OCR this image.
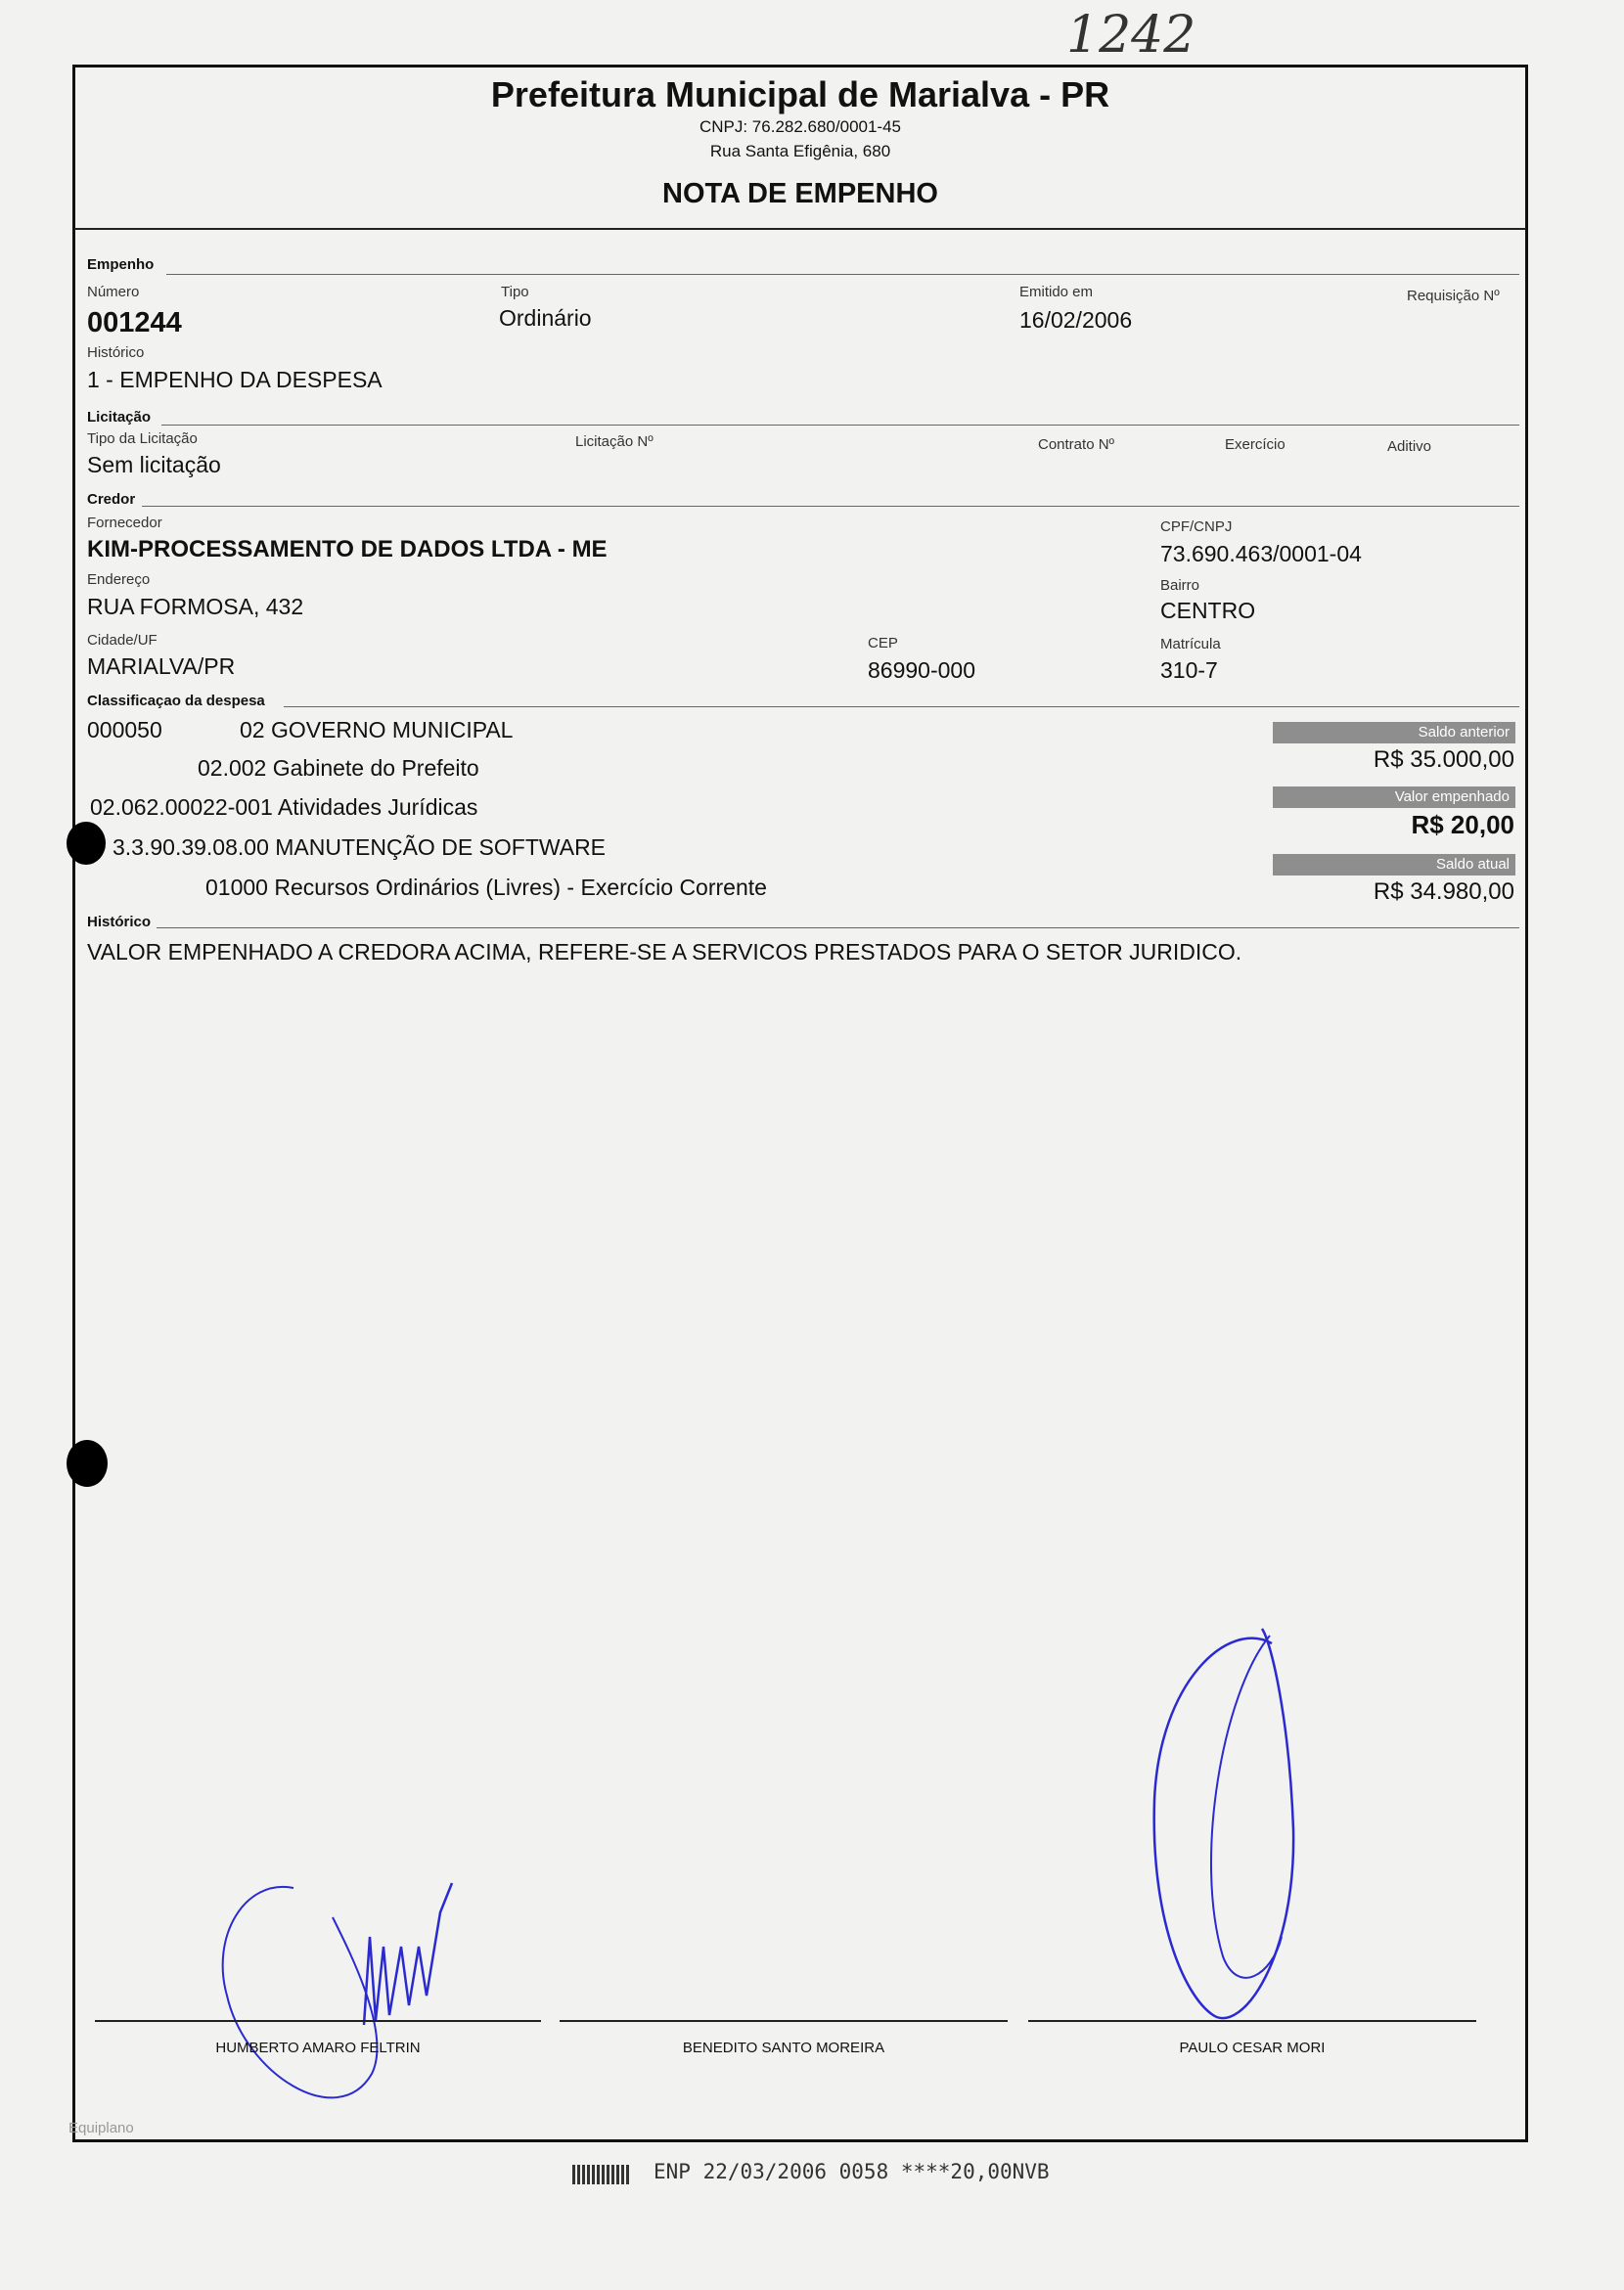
1242
Prefeitura Municipal de Marialva - PR
CNPJ: 76.282.680/0001-45
Rua Santa Efigênia, 680
NOTA DE EMPENHO
Empenho
Número
001244
Tipo
Ordinário
Emitido em
16/02/2006
Requisição Nº
Histórico
1 - EMPENHO DA DESPESA
Licitação
Tipo da Licitação
Sem licitação
Licitação Nº	Contrato Nº	Exercício	Aditivo
Credor
Fornecedor
KIM-PROCESSAMENTO DE DADOS LTDA - ME
CPF/CNPJ
73.690.463/0001-04
Endereço
RUA FORMOSA, 432
Bairro
CENTRO
Cidade/UF
MARIALVA/PR
CEP
86990-000
Matrícula
310-7
Classificaçao da despesa
000050	02 GOVERNO MUNICIPAL
02.002 Gabinete do Prefeito
02.062.00022-001 Atividades Jurídicas
3.3.90.39.08.00 MANUTENÇÃO DE SOFTWARE
01000 Recursos Ordinários (Livres) - Exercício Corrente
Saldo anterior
R$ 35.000,00
Valor empenhado
R$ 20,00
Saldo atual
R$ 34.980,00
Histórico
VALOR EMPENHADO A CREDORA ACIMA, REFERE-SE A SERVICOS PRESTADOS PARA O SETOR JURIDICO.
HUMBERTO AMARO FELTRIN	BENEDITO SANTO MOREIRA	PAULO CESAR MORI
Equiplano
ENP 22/03/2006 0058 ****20,00NVB
